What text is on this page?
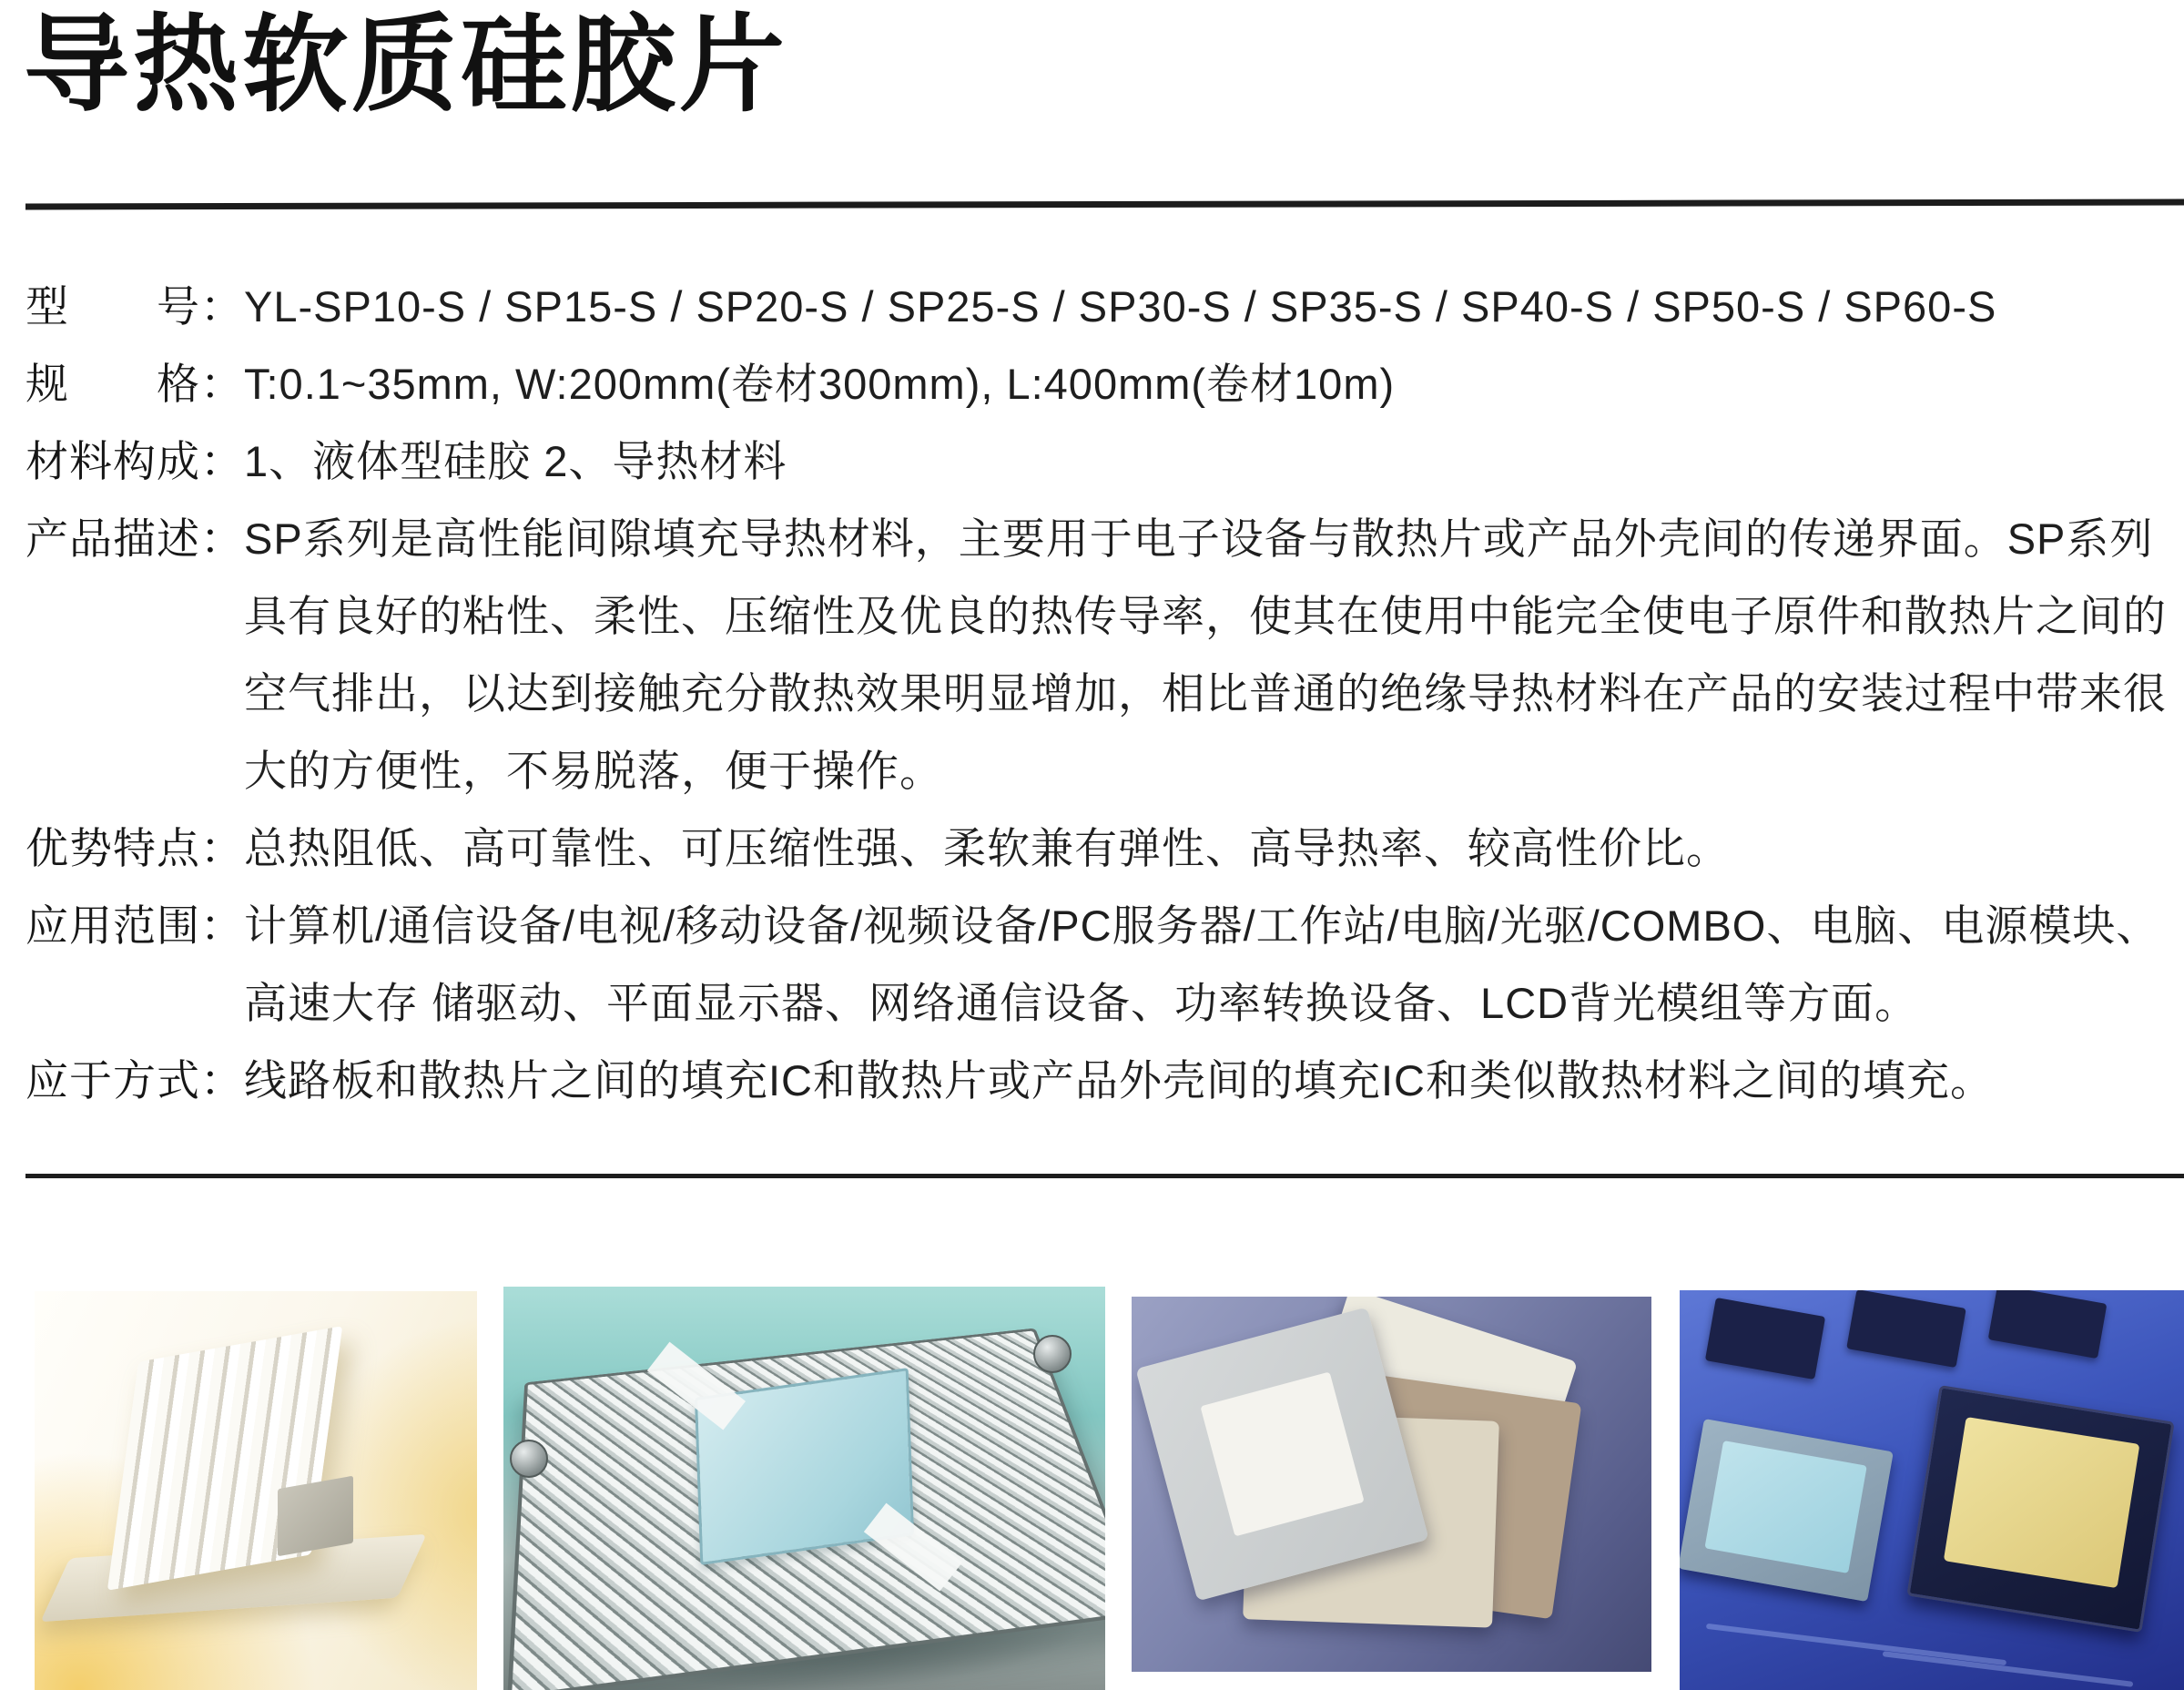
导热软质硅胶片
型　　号： YL-SP10-S / SP15-S / SP20-S / SP25-S / SP30-S / SP35-S / SP40-S / SP50-S / SP60-S
规　　格： T:0.1~35mm, W:200mm(卷材300mm), L:400mm(卷材10m)
材料构成： 1、液体型硅胶 2、导热材料
产品描述： SP系列是高性能间隙填充导热材料，主要用于电子设备与散热片或产品外壳间的传递界面。SP系列具有良好的粘性、柔性、压缩性及优良的热传导率，使其在使用中能完全使电子原件和散热片之间的空气排出，以达到接触充分散热效果明显增加，相比普通的绝缘导热材料在产品的安装过程中带来很大的方便性，不易脱落，便于操作。
优势特点： 总热阻低、高可靠性、可压缩性强、柔软兼有弹性、高导热率、较高性价比。
应用范围： 计算机/通信设备/电视/移动设备/视频设备/PC服务器/工作站/电脑/光驱/COMBO、电脑、电源模块、高速大存 储驱动、平面显示器、网络通信设备、功率转换设备、LCD背光模组等方面。
应于方式： 线路板和散热片之间的填充IC和散热片或产品外壳间的填充IC和类似散热材料之间的填充。
